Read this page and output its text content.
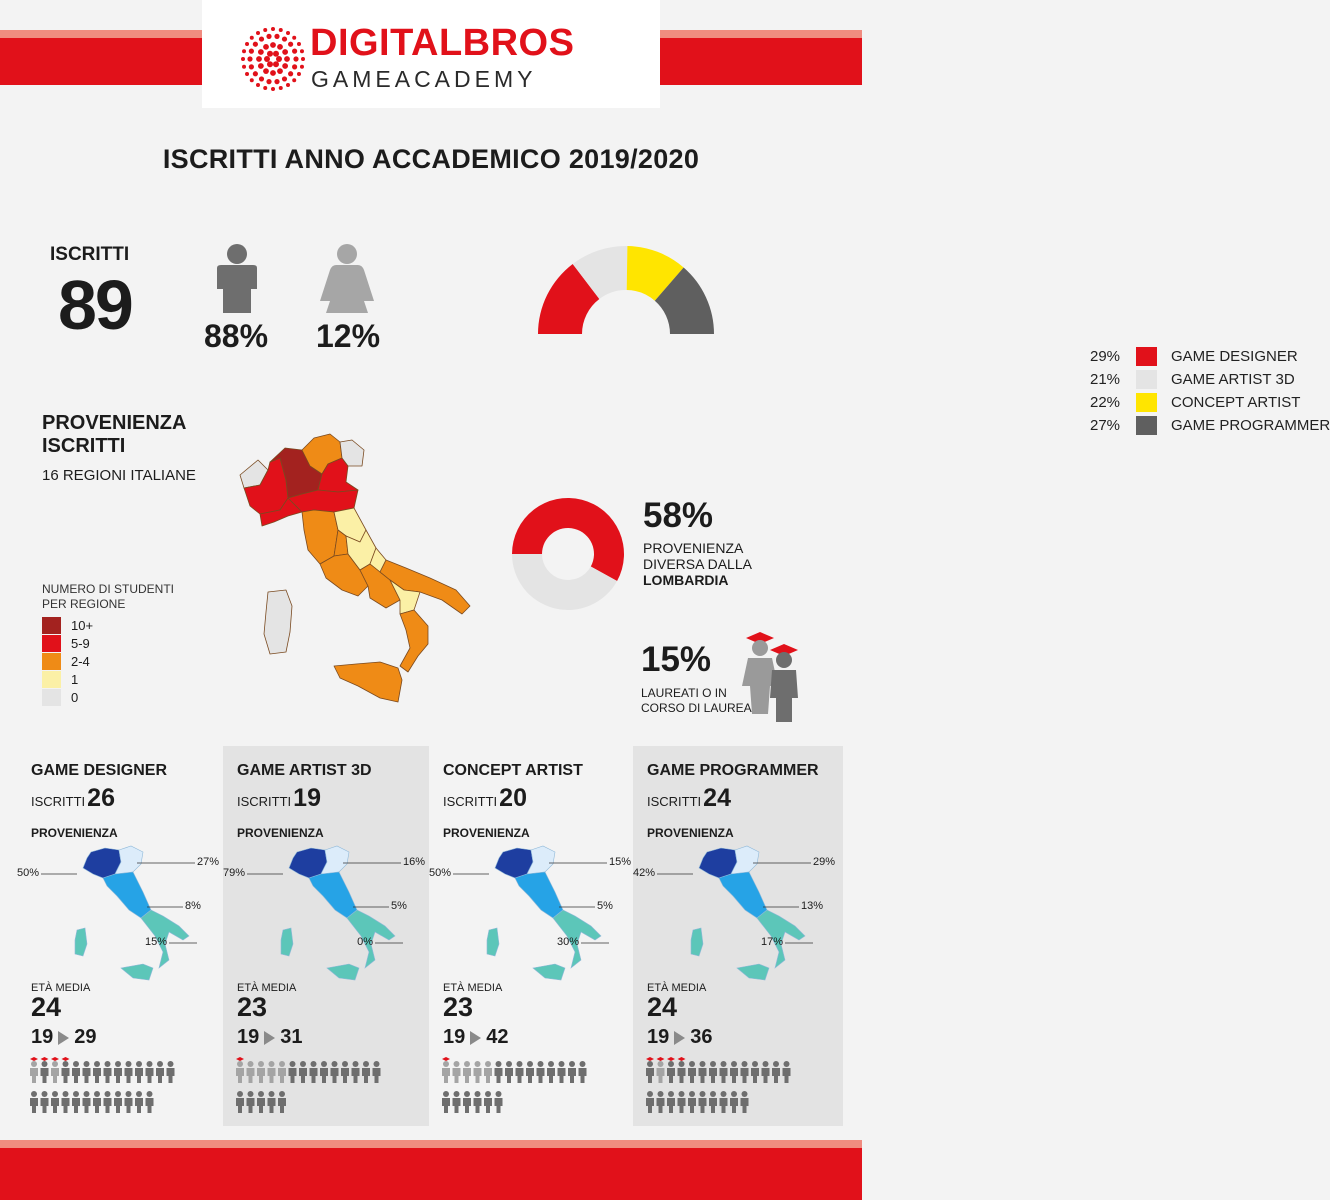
DIGITALBROS
GAMEACADEMY
ISCRITTI ANNO ACCADEMICO 2019/2020
ISCRITTI
89 88% 12%
29%	GAME DESIGNER
21%	GAME ARTIST 3D
22%	CONCEPT ARTIST
27%	GAME PROGRAMMER
PROVENIENZA
ISCRITTI
16 REGIONI ITALIANE
NUMERO DI STUDENTI
PER REGIONE
10+
5-9
2-4
1
0
58%
PROVENIENZA
DIVERSA DALLA
LOMBARDIA
15%
LAUREATI O IN
CORSO DI LAUREA
GAME DESIGNER
ISCRITTI26
PROVENIENZA
50%
27%
8%
15%
ETÀ MEDIA
24
19 29
GAME ARTIST 3D
ISCRITTI19
PROVENIENZA
79%
16%
5%
0%
ETÀ MEDIA
23
19 31
CONCEPT ARTIST
ISCRITTI20
PROVENIENZA
50%
15%
5%
30%
ETÀ MEDIA
23
19 42
GAME PROGRAMMER
ISCRITTI24
PROVENIENZA
42%
29%
13%
17%
ETÀ MEDIA
24
19 36
